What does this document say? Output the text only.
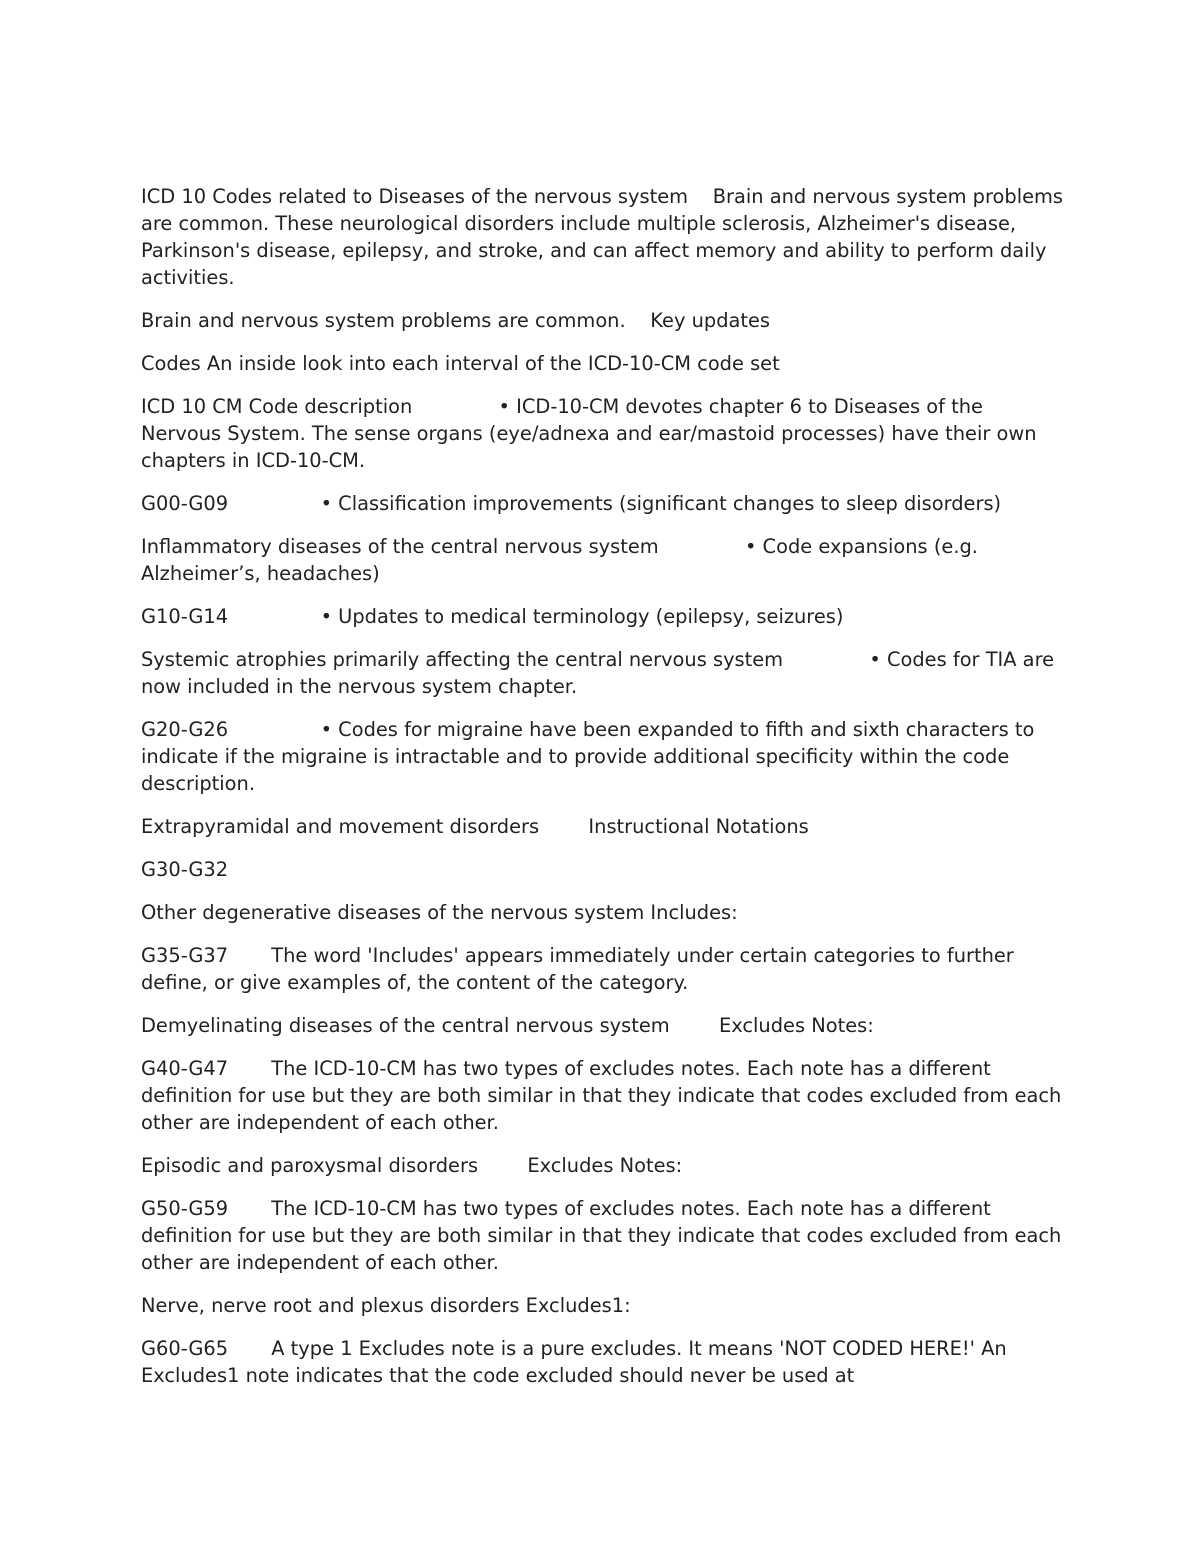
ICD 10 Codes related to Diseases of the nervous system    Brain and nervous system problems are common. These neurological disorders include multiple sclerosis, Alzheimer's disease, Parkinson's disease, epilepsy, and stroke, and can affect memory and ability to perform daily activities.

Brain and nervous system problems are common.    Key updates

Codes An inside look into each interval of the ICD-10-CM code set

ICD 10 CM Code description              • ICD-10-CM devotes chapter 6 to Diseases of the Nervous System. The sense organs (eye/adnexa and ear/mastoid processes) have their own chapters in ICD-10-CM.

G00-G09               • Classification improvements (significant changes to sleep disorders)

Inflammatory diseases of the central nervous system              • Code expansions (e.g. Alzheimer’s, headaches)

G10-G14               • Updates to medical terminology (epilepsy, seizures)

Systemic atrophies primarily affecting the central nervous system              • Codes for TIA are now included in the nervous system chapter.

G20-G26               • Codes for migraine have been expanded to fifth and sixth characters to indicate if the migraine is intractable and to provide additional specificity within the code description.

Extrapyramidal and movement disorders        Instructional Notations

G30-G32

Other degenerative diseases of the nervous system Includes:

G35-G37       The word 'Includes' appears immediately under certain categories to further define, or give examples of, the content of the category.

Demyelinating diseases of the central nervous system        Excludes Notes:

G40-G47       The ICD-10-CM has two types of excludes notes. Each note has a different definition for use but they are both similar in that they indicate that codes excluded from each other are independent of each other.

Episodic and paroxysmal disorders        Excludes Notes:

G50-G59       The ICD-10-CM has two types of excludes notes. Each note has a different definition for use but they are both similar in that they indicate that codes excluded from each other are independent of each other.

Nerve, nerve root and plexus disorders Excludes1:

G60-G65       A type 1 Excludes note is a pure excludes. It means 'NOT CODED HERE!' An Excludes1 note indicates that the code excluded should never be used at
